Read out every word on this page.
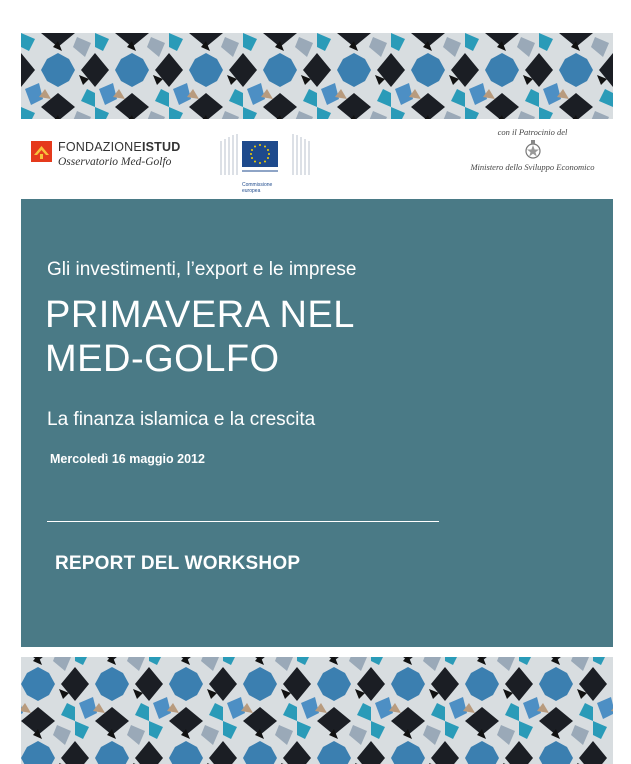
FONDAZIONEISTUD
Osservatorio Med-Golfo
Commissione europea
con il Patrocinio del
Ministero dello Sviluppo Economico
Gli investimenti, l’export e le imprese
PRIMAVERA NEL
MED-GOLFO
La finanza islamica e la crescita
Mercoledì 16 maggio 2012
REPORT DEL WORKSHOP
